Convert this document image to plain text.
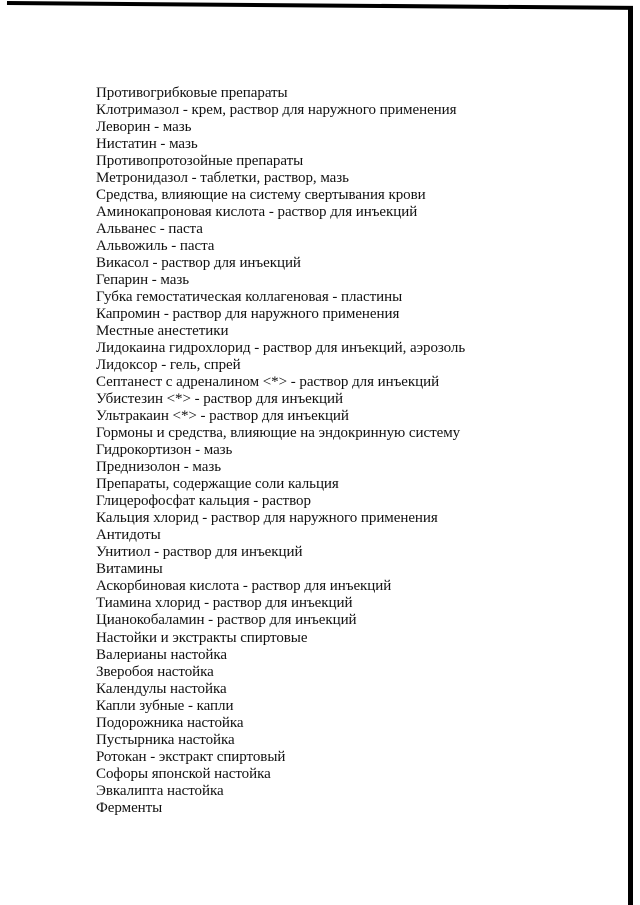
Противогрибковые препараты
Клотримазол - крем, раствор для наружного применения
Леворин - мазь
Нистатин - мазь
Противопротозойные препараты
Метронидазол - таблетки, раствор, мазь
Средства, влияющие на систему свертывания крови
Аминокапроновая кислота - раствор для инъекций
Альванес - паста
Альвожиль - паста
Викасол - раствор для инъекций
Гепарин - мазь
Губка гемостатическая коллагеновая - пластины
Капромин - раствор для наружного применения
Местные анестетики
Лидокаина гидрохлорид - раствор для инъекций, аэрозоль
Лидоксор - гель, спрей
Септанест с адреналином <*> - раствор для инъекций
Убистезин <*> - раствор для инъекций
Ультракаин <*> - раствор для инъекций
Гормоны и средства, влияющие на эндокринную систему
Гидрокортизон - мазь
Преднизолон - мазь
Препараты, содержащие соли кальция
Глицерофосфат кальция - раствор
Кальция хлорид - раствор для наружного применения
Антидоты
Унитиол - раствор для инъекций
Витамины
Аскорбиновая кислота - раствор для инъекций
Тиамина хлорид - раствор для инъекций
Цианокобаламин - раствор для инъекций
Настойки и экстракты спиртовые
Валерианы настойка
Зверобоя настойка
Календулы настойка
Капли зубные - капли
Подорожника настойка
Пустырника настойка
Ротокан - экстракт спиртовый
Софоры японской настойка
Эвкалипта настойка
Ферменты
